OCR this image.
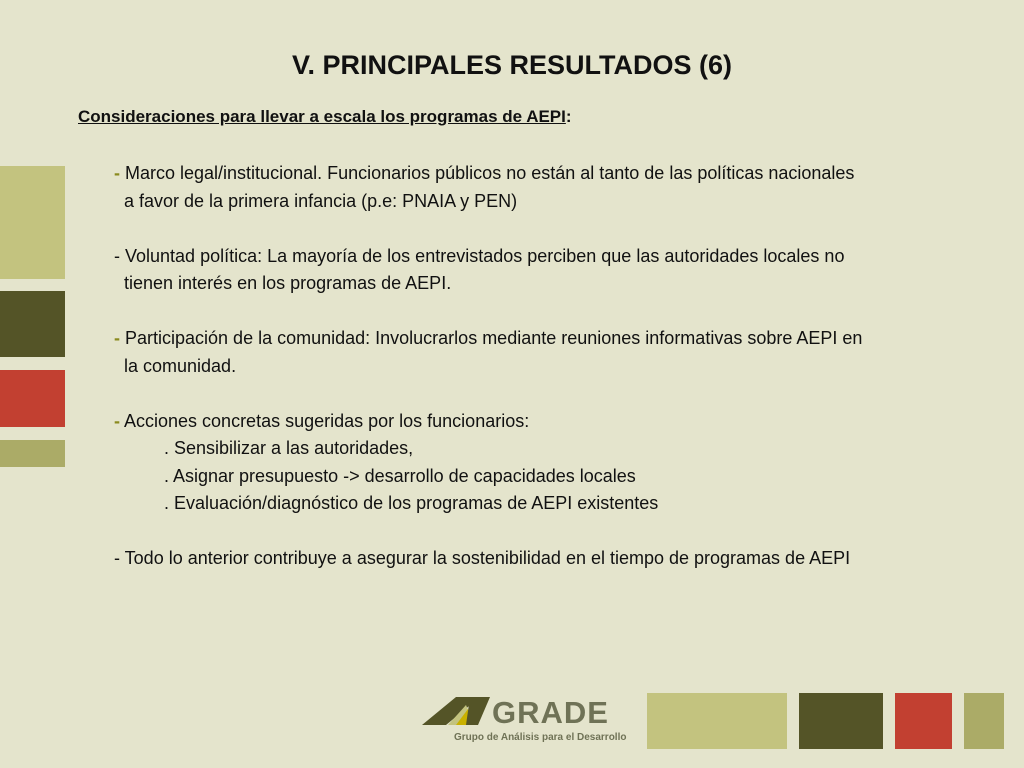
V. PRINCIPALES RESULTADOS (6)
Consideraciones para llevar a escala los programas de AEPI:
- Marco legal/institucional. Funcionarios públicos no están al tanto de las políticas nacionales
a favor de la primera infancia (p.e: PNAIA y PEN)
- Voluntad política: La mayoría de los entrevistados perciben que las autoridades locales no
tienen interés en los programas de AEPI.
- Participación de la comunidad: Involucrarlos mediante reuniones informativas sobre AEPI en
la comunidad.
- Acciones concretas sugeridas por los funcionarios:
. Sensibilizar a las autoridades,
. Asignar presupuesto -> desarrollo de capacidades locales
. Evaluación/diagnóstico de los programas de AEPI existentes
- Todo lo anterior contribuye a asegurar la sostenibilidad en el tiempo de programas de AEPI
GRADE
Grupo de Análisis para el Desarrollo
